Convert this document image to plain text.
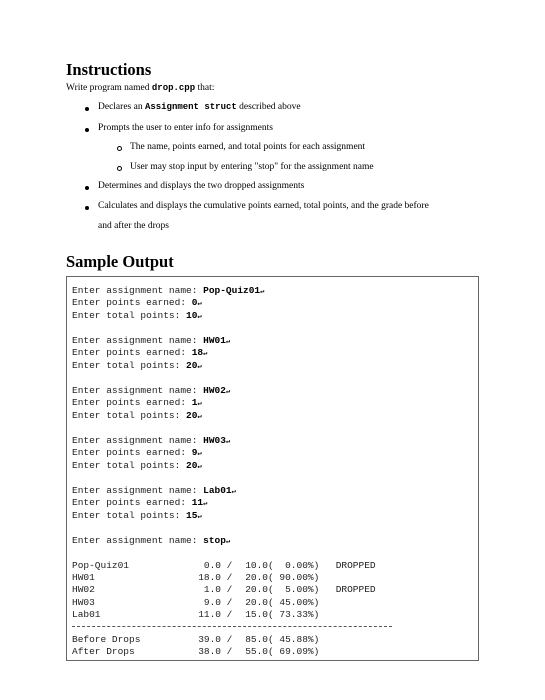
Instructions
Write program named drop.cpp that:
Declares an Assignment struct described above
Prompts the user to enter info for assignments
The name, points earned, and total points for each assignment
User may stop input by entering "stop" for the assignment name
Determines and displays the two dropped assignments
Calculates and displays the cumulative points earned, total points, and the grade before
and after the drops
Sample Output
Enter assignment name: Pop-Quiz01↵
Enter points earned: 0↵
Enter total points: 10↵
Enter assignment name: HW01↵
Enter points earned: 18↵
Enter total points: 20↵
Enter assignment name: HW02↵
Enter points earned: 1↵
Enter total points: 20↵
Enter assignment name: HW03↵
Enter points earned: 9↵
Enter total points: 20↵
Enter assignment name: Lab01↵
Enter points earned: 11↵
Enter total points: 15↵
Enter assignment name: stop↵
Pop-Quiz01	0.0 /	10.0 (  0.00%)	DROPPED
HW01	18.0 /	20.0 ( 90.00%)
HW02	1.0 /	20.0 (  5.00%)	DROPPED
HW03	9.0 /	20.0 ( 45.00%)
Lab01	11.0 /	15.0 ( 73.33%)
Before Drops	39.0 /	85.0 ( 45.88%)
After Drops	38.0 /	55.0 ( 69.09%)
